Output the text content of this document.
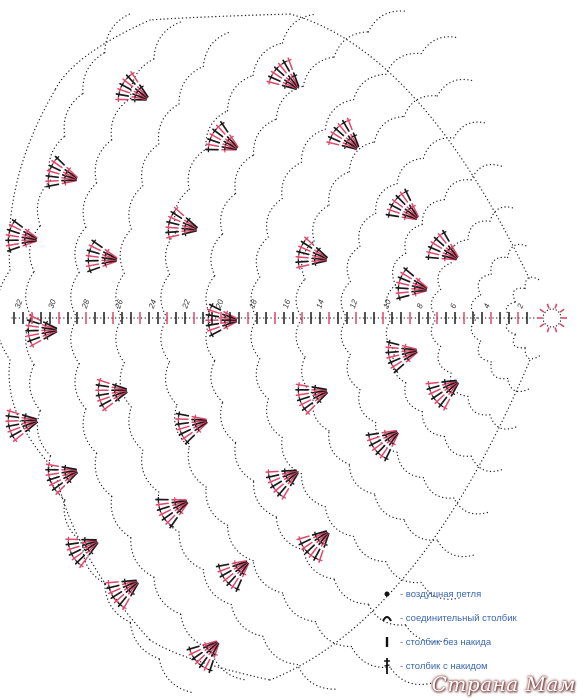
2
4
6
8
10
12
14
16
18
20
22
24
26
28
30
32
- воздушная петля
- соединительный столбик
- столбик без накида
- столбик с накидом
Страна Мам
